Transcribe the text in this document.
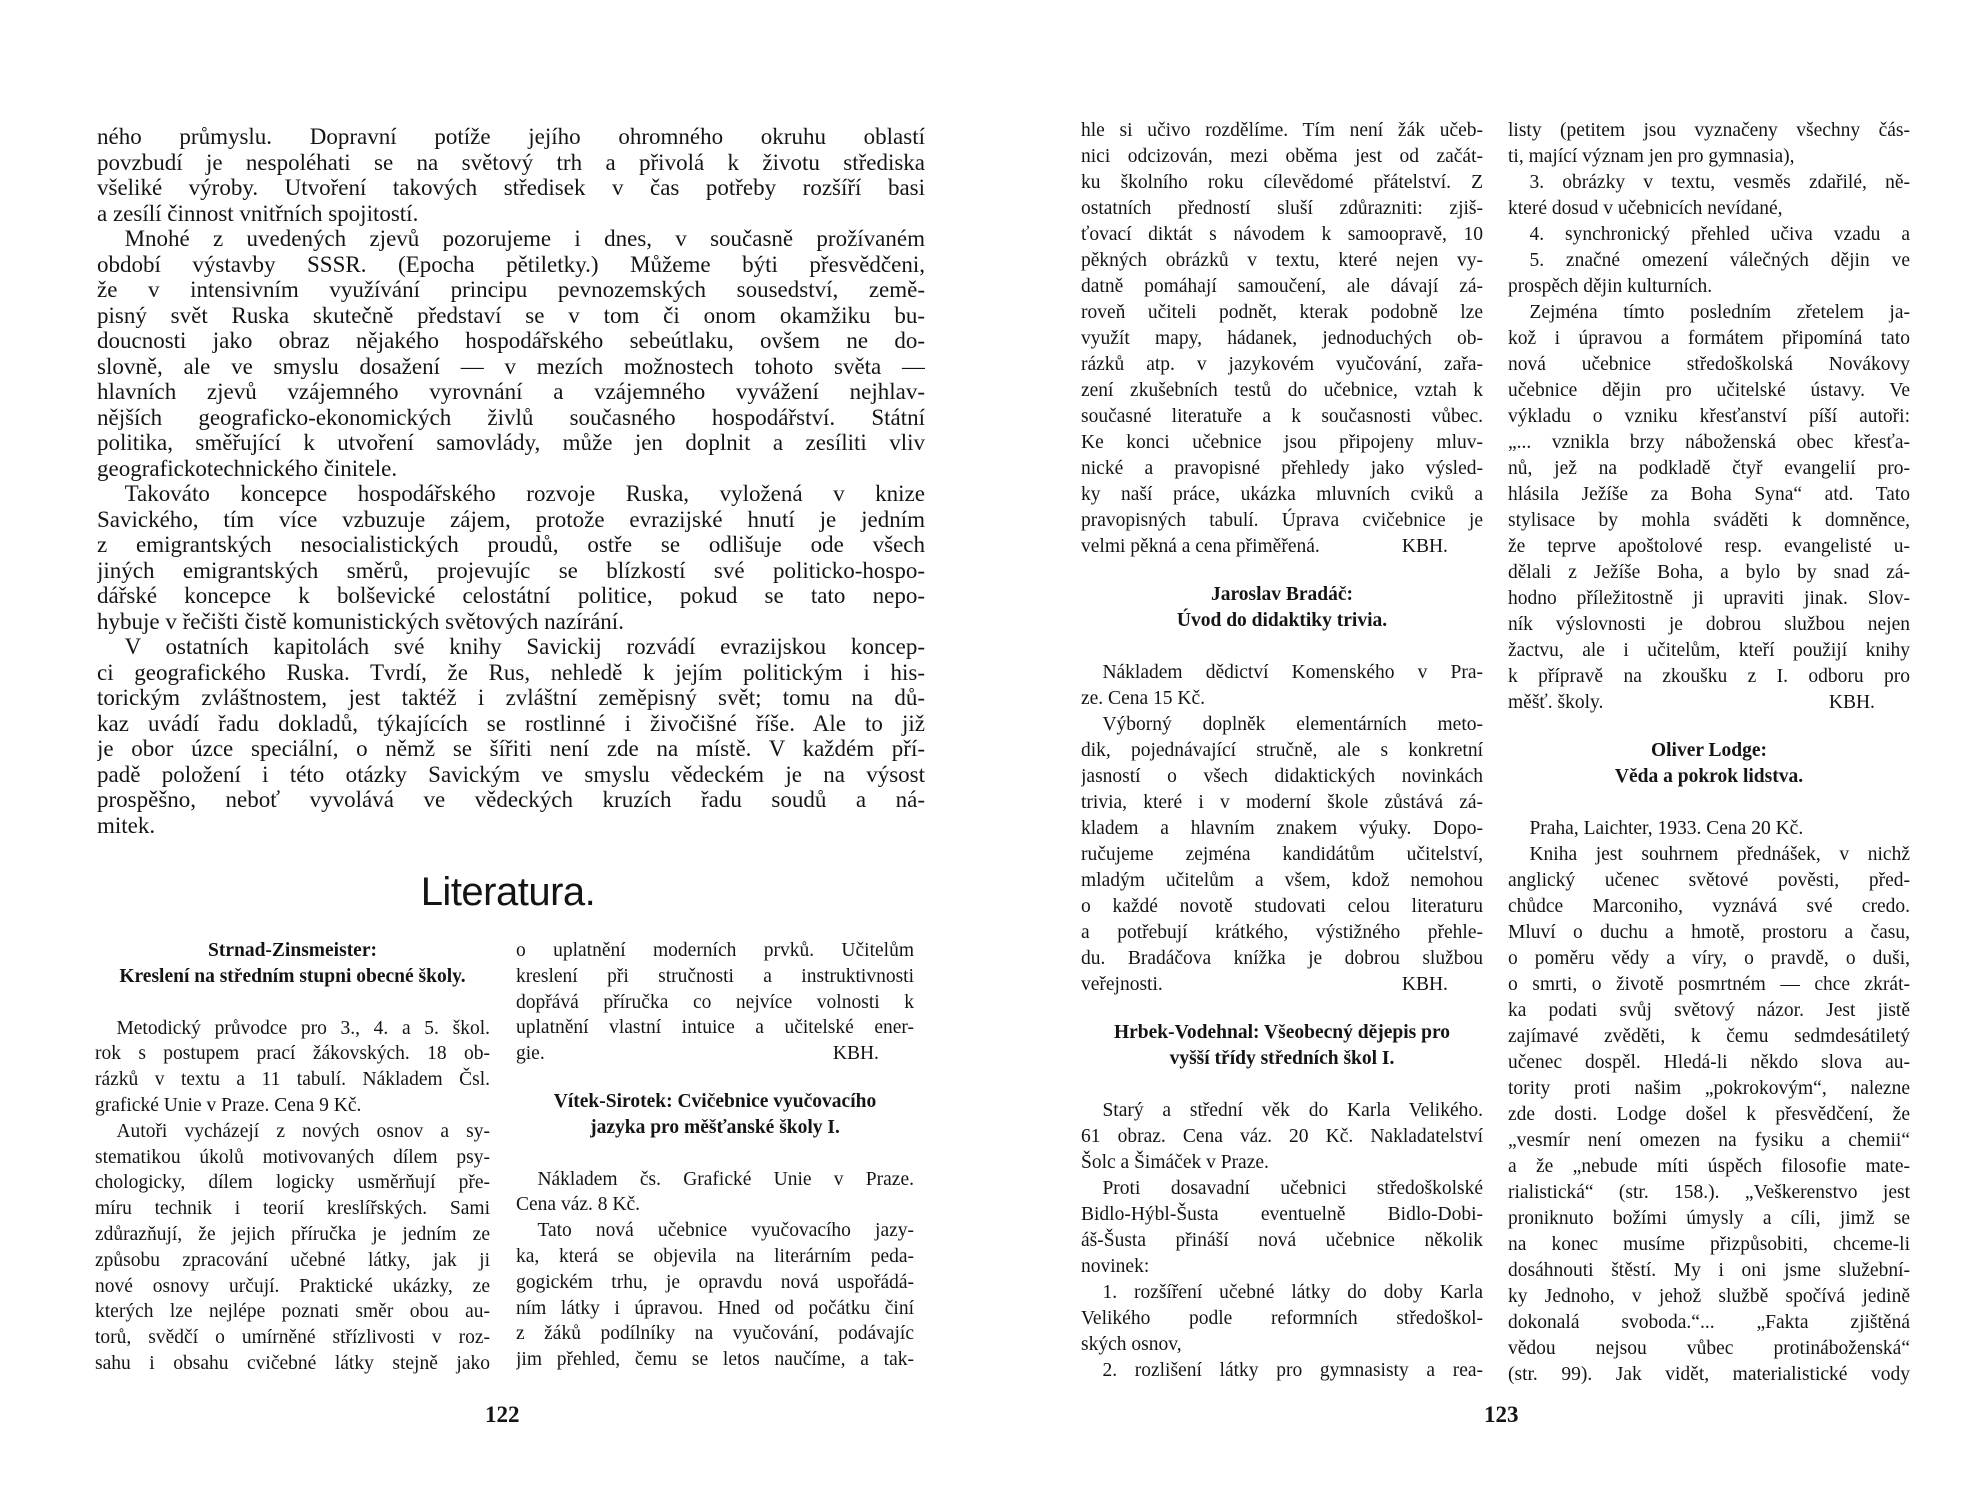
ného průmyslu. Dopravní potíže jejího ohromného okruhu oblastí
povzbudí je nespoléhati se na světový trh a přivolá k životu střediska
všeliké výroby. Utvoření takových středisek v čas potřeby rozšíří basi
a zesílí činnost vnitřních spojitostí.
Mnohé z uvedených zjevů pozorujeme i dnes, v současně prožívaném
období výstavby SSSR. (Epocha pětiletky.) Můžeme býti přesvědčeni,
že v intensivním využívání principu pevnozemských sousedství, země-
pisný svět Ruska skutečně představí se v tom či onom okamžiku bu-
doucnosti jako obraz nějakého hospodářského sebeútlaku, ovšem ne do-
slovně, ale ve smyslu dosažení — v mezích možnostech tohoto světa —
hlavních zjevů vzájemného vyrovnání a vzájemného vyvážení nejhlav-
nějších geograficko-ekonomických živlů současného hospodářství. Státní
politika, směřující k utvoření samovlády, může jen doplnit a zesíliti vliv
geografickotechnického činitele.
Takováto koncepce hospodářského rozvoje Ruska, vyložená v knize
Savického, tím více vzbuzuje zájem, protože evrazijské hnutí je jedním
z emigrantských nesocialistických proudů, ostře se odlišuje ode všech
jiných emigrantských směrů, projevujíc se blízkostí své politicko-hospo-
dářské koncepce k bolševické celostátní politice, pokud se tato nepo-
hybuje v řečišti čistě komunistických světových nazírání.
V ostatních kapitolách své knihy Savickij rozvádí evrazijskou koncep-
ci geografického Ruska. Tvrdí, že Rus, nehledě k jejím politickým i his-
torickým zvláštnostem, jest taktéž i zvláštní zeměpisný svět; tomu na dů-
kaz uvádí řadu dokladů, týkajících se rostlinné i živočišné říše. Ale to již
je obor úzce speciální, o němž se šířiti není zde na místě. V každém pří-
padě položení i této otázky Savickým ve smyslu vědeckém je na výsost
prospěšno, neboť vyvolává ve vědeckých kruzích řadu soudů a ná-
mitek.
Literatura.
Strnad-Zinsmeister:
Kreslení na středním stupni obecné školy.
Metodický průvodce pro 3., 4. a 5. škol.
rok s postupem prací žákovských. 18 ob-
rázků v textu a 11 tabulí. Nákladem Čsl.
grafické Unie v Praze. Cena 9 Kč.
Autoři vycházejí z nových osnov a sy-
stematikou úkolů motivovaných dílem psy-
chologicky, dílem logicky usměrňují pře-
míru technik i teorií kreslířských. Sami
zdůrazňují, že jejich příručka je jedním ze
způsobu zpracování učebné látky, jak ji
nové osnovy určují. Praktické ukázky, ze
kterých lze nejlépe poznati směr obou au-
torů, svědčí o umírněné střízlivosti v roz-
sahu i obsahu cvičebné látky stejně jako
o uplatnění moderních prvků. Učitelům
kreslení při stručnosti a instruktivnosti
dopřává příručka co nejvíce volnosti k
uplatnění vlastní intuice a učitelské ener-
gie.	KBH.
Vítek-Sirotek: Cvičebnice vyučovacího
jazyka pro měšťanské školy I.
Nákladem čs. Grafické Unie v Praze.
Cena váz. 8 Kč.
Tato nová učebnice vyučovacího jazy-
ka, která se objevila na literárním peda-
gogickém trhu, je opravdu nová uspořádá-
ním látky i úpravou. Hned od počátku činí
z žáků podílníky na vyučování, podávajíc
jim přehled, čemu se letos naučíme, a tak-
122
hle si učivo rozdělíme. Tím není žák učeb-
nici odcizován, mezi oběma jest od začát-
ku školního roku cílevědomé přátelství. Z
ostatních předností sluší zdůrazniti: zjiš-
ťovací diktát s návodem k samoopravě, 10
pěkných obrázků v textu, které nejen vy-
datně pomáhají samoučení, ale dávají zá-
roveň učiteli podnět, kterak podobně lze
využít mapy, hádanek, jednoduchých ob-
rázků atp. v jazykovém vyučování, zařa-
zení zkušebních testů do učebnice, vztah k
současné literatuře a k současnosti vůbec.
Ke konci učebnice jsou připojeny mluv-
nické a pravopisné přehledy jako výsled-
ky naší práce, ukázka mluvních cviků a
pravopisných tabulí. Úprava cvičebnice je
velmi pěkná a cena přiměřená.	KBH.
Jaroslav Bradáč:
Úvod do didaktiky trivia.
Nákladem dědictví Komenského v Pra-
ze. Cena 15 Kč.
Výborný doplněk elementárních meto-
dik, pojednávající stručně, ale s konkretní
jasností o všech didaktických novinkách
trivia, které i v moderní škole zůstává zá-
kladem a hlavním znakem výuky. Dopo-
ručujeme zejména kandidátům učitelství,
mladým učitelům a všem, kdož nemohou
o každé novotě studovati celou literaturu
a potřebují krátkého, výstižného přehle-
du. Bradáčova knížka je dobrou službou
veřejnosti.	KBH.
Hrbek-Vodehnal: Všeobecný dějepis pro
vyšší třídy středních škol I.
Starý a střední věk do Karla Velikého.
61 obraz. Cena váz. 20 Kč. Nakladatelství
Šolc a Šimáček v Praze.
Proti dosavadní učebnici středoškolské
Bidlo-Hýbl-Šusta eventuelně Bidlo-Dobi-
áš-Šusta přináší nová učebnice několik
novinek:
1. rozšíření učebné látky do doby Karla
Velikého podle reformních středoškol-
ských osnov,
2. rozlišení látky pro gymnasisty a rea-
listy (petitem jsou vyznačeny všechny čás-
ti, mající význam jen pro gymnasia),
3. obrázky v textu, vesměs zdařilé, ně-
které dosud v učebnicích nevídané,
4. synchronický přehled učiva vzadu a
5. značné omezení válečných dějin ve
prospěch dějin kulturních.
Zejména tímto posledním zřetelem ja-
kož i úpravou a formátem připomíná tato
nová učebnice středoškolská Novákovy
učebnice dějin pro učitelské ústavy. Ve
výkladu o vzniku křesťanství píší autoři:
„... vznikla brzy náboženská obec křesťa-
nů, jež na podkladě čtyř evangelií pro-
hlásila Ježíše za Boha Syna“ atd. Tato
stylisace by mohla sváděti k domněnce,
že teprve apoštolové resp. evangelisté u-
dělali z Ježíše Boha, a bylo by snad zá-
hodno příležitostně ji upraviti jinak. Slov-
ník výslovnosti je dobrou službou nejen
žactvu, ale i učitelům, kteří použijí knihy
k přípravě na zkoušku z I. odboru pro
měšť. školy.	KBH.
Oliver Lodge:
Věda a pokrok lidstva.
Praha, Laichter, 1933. Cena 20 Kč.
Kniha jest souhrnem přednášek, v nichž
anglický učenec světové pověsti, před-
chůdce Marconiho, vyznává své credo.
Mluví o duchu a hmotě, prostoru a času,
o poměru vědy a víry, o pravdě, o duši,
o smrti, o životě posmrtném — chce zkrát-
ka podati svůj světový názor. Jest jistě
zajímavé zvěděti, k čemu sedmdesátiletý
učenec dospěl. Hledá-li někdo slova au-
tority proti našim „pokrokovým“, nalezne
zde dosti. Lodge došel k přesvědčení, že
„vesmír není omezen na fysiku a chemii“
a že „nebude míti úspěch filosofie mate-
rialistická“ (str. 158.). „Veškerenstvo jest
proniknuto božími úmysly a cíli, jimž se
na konec musíme přizpůsobiti, chceme-li
dosáhnouti štěstí. My i oni jsme služební-
ky Jednoho, v jehož službě spočívá jedině
dokonalá svoboda.“... „Fakta zjištěná
vědou nejsou vůbec protináboženská“
(str. 99). Jak vidět, materialistické vody
123
